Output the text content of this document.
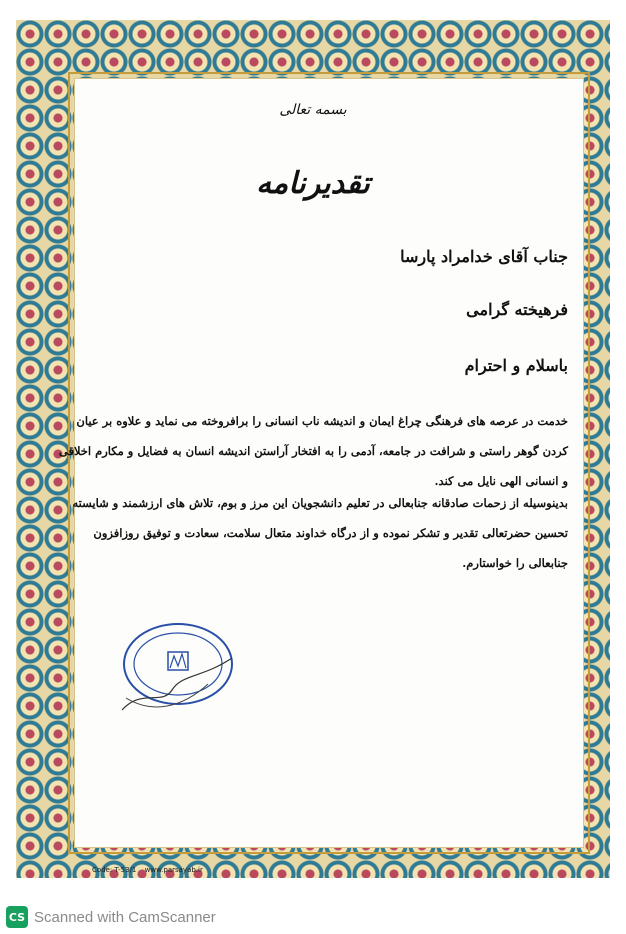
بسمه تعالی
تقدیرنامه
جناب آقای خدامراد پارسا
فرهیخته گرامی
باسلام و احترام
خدمت در عرصه های فرهنگی چراغ ایمان و اندیشه ناب انسانی را برافروخته می نماید و علاوه بر عیان کردن گوهر راستی و شرافت در جامعه، آدمی را به افتخار آراستن اندیشه انسان به فضایل و مکارم اخلاقی و انسانی الهی نایل می کند.
بدینوسیله از زحمات صادقانه جنابعالی در تعلیم دانشجویان این مرز و بوم، تلاش های ارزشمند و شایسته تحسین حضرتعالی تقدیر و تشکر نموده و از درگاه خداوند متعال سلامت، سعادت و توفیق روزافزون جنابعالی را خواستارم.
Code: T-53/1 www.parsayab.ir
CS Scanned with CamScanner
